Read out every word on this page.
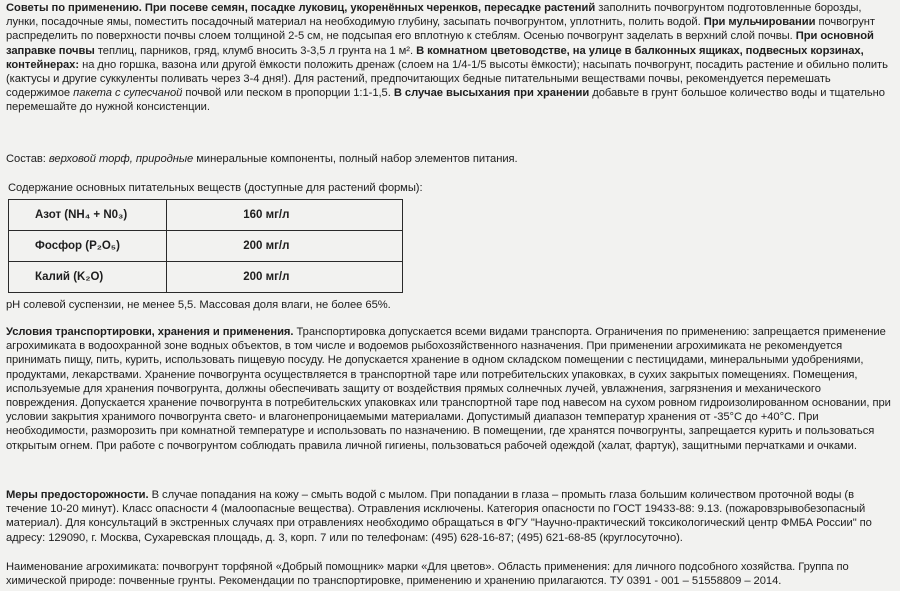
Советы по применению. При посеве семян, посадке луковиц, укоренённых черенков, пересадке растений заполнить почвогрунтом подготовленные борозды, лунки, посадочные ямы, поместить посадочный материал на необходимую глубину, засыпать почвогрунтом, уплотнить, полить водой. При мульчировании почвогрунт распределить по поверхности почвы слоем толщиной 2-5 см, не подсыпая его вплотную к стеблям. Осенью почвогрунт заделать в верхний слой почвы. При основной заправке почвы теплиц, парников, гряд, клумб вносить 3-3,5 л грунта на 1 м². В комнатном цветоводстве, на улице в балконных ящиках, подвесных корзинах, контейнерах: на дно горшка, вазона или другой ёмкости положить дренаж (слоем на 1/4-1/5 высоты ёмкости); насыпать почвогрунт, посадить растение и обильно полить (кактусы и другие суккуленты поливать через 3-4 дня!). Для растений, предпочитающих бедные питательными веществами почвы, рекомендуется перемешать содержимое пакета с супесчаной почвой или песком в пропорции 1:1-1,5. В случае высыхания при хранении добавьте в грунт большое количество воды и тщательно перемешайте до нужной консистенции.

Состав: верховой торф, природные минеральные компоненты, полный набор элементов питания.

Содержание основных питательных веществ (доступные для растений формы):

Азот (NH₄ + N0₃)	160 мг/л
Фосфор (P₂O₅)	200 мг/л
Калий (K₂O)	200 мг/л

pH солевой суспензии, не менее 5,5. Массовая доля влаги, не более 65%.

Условия транспортировки, хранения и применения. Транспортировка допускается всеми видами транспорта. Ограничения по применению: запрещается применение агрохимиката в водоохранной зоне водных объектов, в том числе и водоемов рыбохозяйственного назначения. При применении агрохимиката не рекомендуется принимать пищу, пить, курить, использовать пищевую посуду. Не допускается хранение в одном складском помещении с пестицидами, минеральными удобрениями, продуктами, лекарствами. Хранение почвогрунта осуществляется в транспортной таре или потребительских упаковках, в сухих закрытых помещениях. Помещения, используемые для хранения почвогрунта, должны обеспечивать защиту от воздействия прямых солнечных лучей, увлажнения, загрязнения и механического повреждения. Допускается хранение почвогрунта в потребительских упаковках или транспортной таре под навесом на сухом ровном гидроизолированном основании, при условии закрытия хранимого почвогрунта свето- и влагонепроницаемыми материалами. Допустимый диапазон температур хранения от -35°С до +40°С. При необходимости, разморозить при комнатной температуре и использовать по назначению. В помещении, где хранятся почвогрунты, запрещается курить и пользоваться открытым огнем. При работе с почвогрунтом соблюдать правила личной гигиены, пользоваться рабочей одеждой (халат, фартук), защитными перчатками и очками.

Меры предосторожности. В случае попадания на кожу – смыть водой с мылом. При попадании в глаза – промыть глаза большим количеством проточной воды (в течение 10-20 минут). Класс опасности 4 (малоопасные вещества). Отравления исключены. Категория опасности по ГОСТ 19433-88: 9.13. (пожаровзрывобезопасный материал). Для консультаций в экстренных случаях при отравлениях необходимо обращаться в ФГУ "Научно-практический токсикологический центр ФМБА России" по адресу: 129090, г. Москва, Сухаревская площадь, д. 3, корп. 7 или по телефонам: (495) 628-16-87; (495) 621-68-85 (круглосуточно).

Наименование агрохимиката: почвогрунт торфяной «Добрый помощник» марки «Для цветов». Область применения: для личного подсобного хозяйства. Группа по химической природе: почвенные грунты. Рекомендации по транспортировке, применению и хранению прилагаются. ТУ 0391 - 001 – 51558809 – 2014.
